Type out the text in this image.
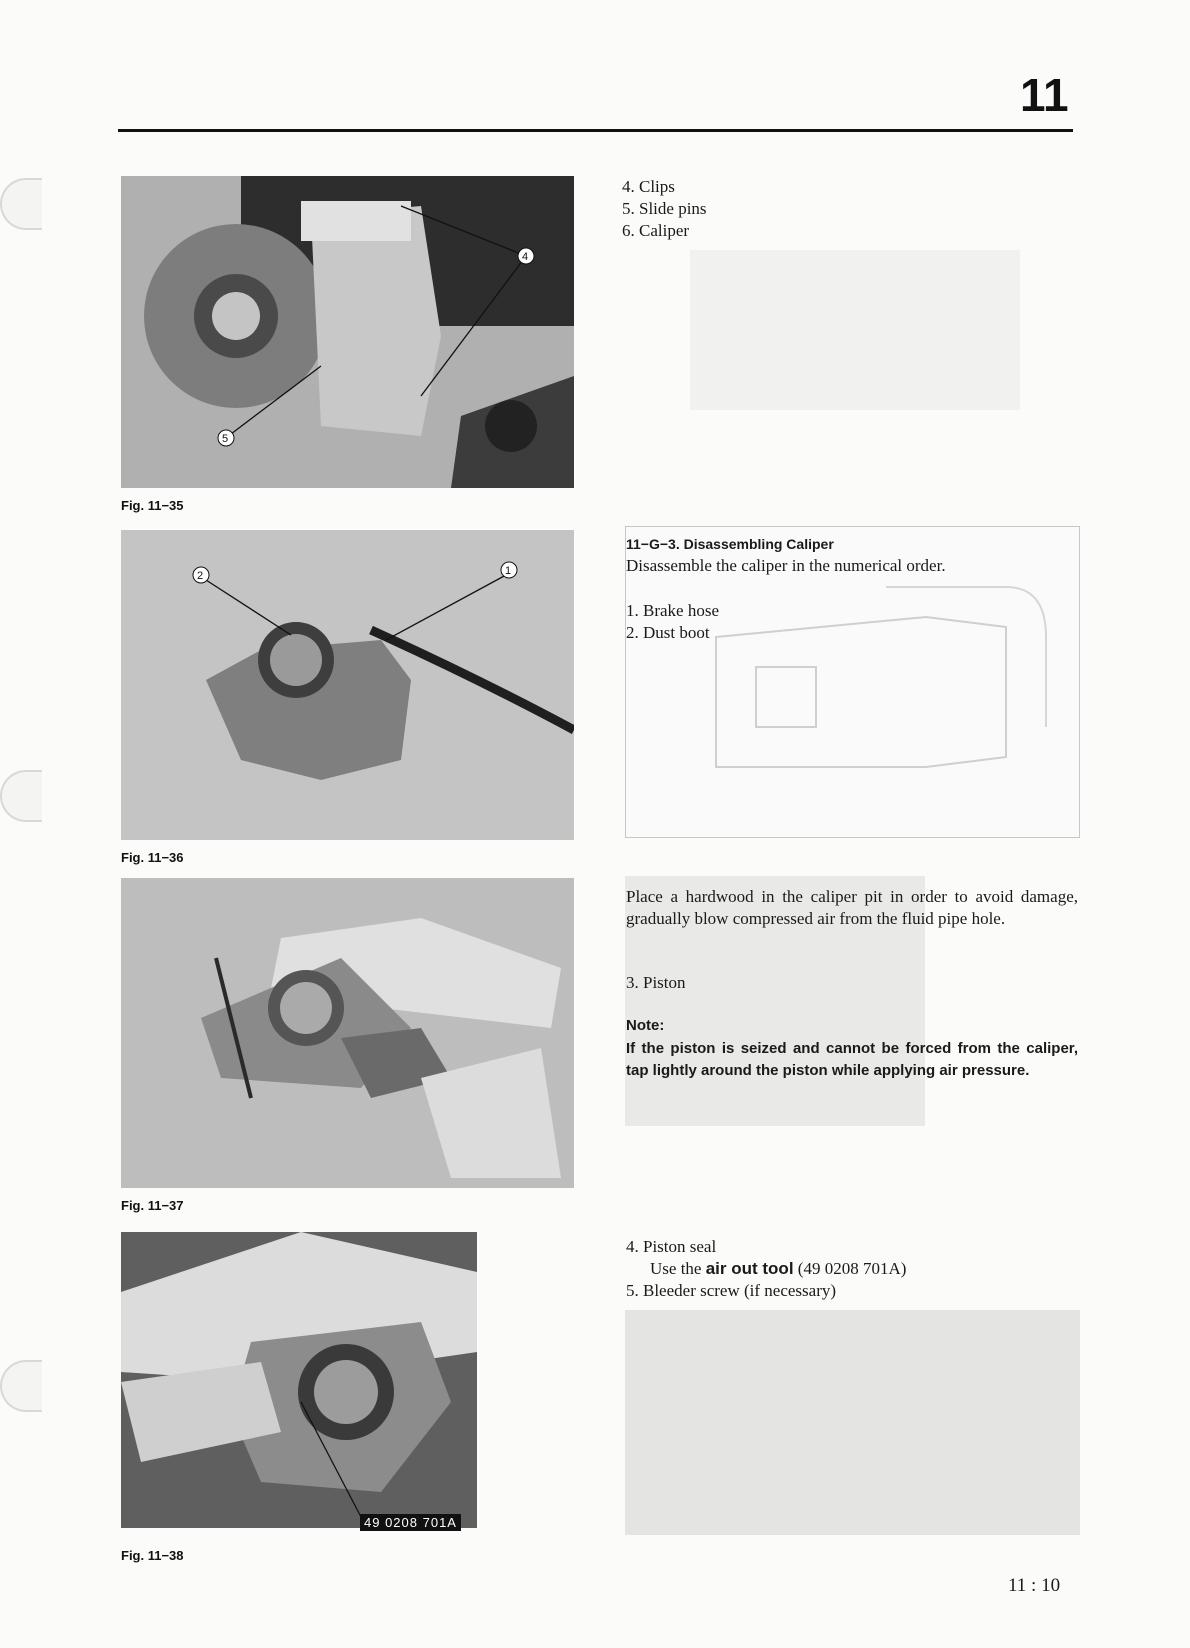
11
4
5
Fig. 11−35
2	1
Fig. 11−36
Fig. 11−37
49 0208 701A
Fig. 11−38
4. Clips
5. Slide pins
6. Caliper
11−G−3. Disassembling Caliper
Disassemble the caliper in the numerical order.
1. Brake hose
2. Dust boot
Place a hardwood in the caliper pit in order to avoid damage, gradually blow compressed air from the fluid pipe hole.
3. Piston
Note:
If the piston is seized and cannot be forced from the caliper, tap lightly around the piston while applying air pressure.
4. Piston seal
Use the air out tool (49 0208 701A)
5. Bleeder screw (if necessary)
11 : 10
